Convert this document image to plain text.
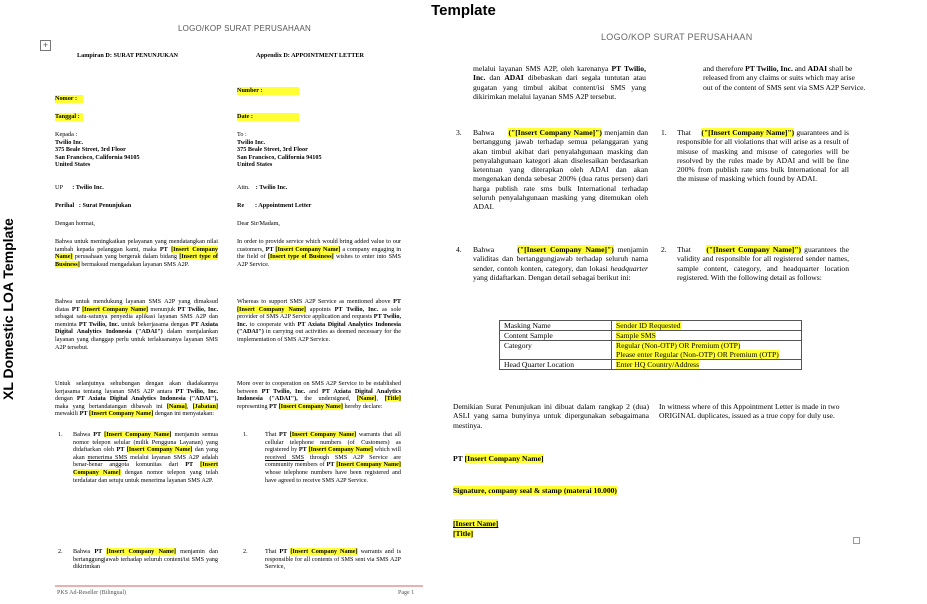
Template
XL Domestic LOA Template
+
LOGO/KOP SURAT PERUSAHAAN
Lampiran D: SURAT PENUNJUKAN	Appendix D: APPOINTMENT LETTER
Number :
Nomor :
Tanggal :	Date :
Kepada :
Twilio Inc.
375 Beale Street, 3rd Floor
San Francisco, California 94105
United States
To :
Twilio Inc.
375 Beale Street, 3rd Floor
San Francisco, California 94105
United States
UP : Twilio Inc.	Attn. : Twilio Inc.
Perihal : Surat Penunjukan	Re : Appointment Letter
Dengan hormat,	Dear Sir/Madam,
Bahwa untuk meningkatkan pelayanan yang mendatangkan nilai tambah kepada pelanggan kami, maka PT [Insert Company Name] perusahaan yang bergerak dalam bidang [Insert type of Business] bermaksud mengadakan layanan SMS A2P.
In order to provide service which would bring added value to our customers, PT [Insert Company Name] a company engaging in the field of [Insert type of Business] wishes to enter into SMS A2P Service.
Bahwa untuk mendukung layanan SMS A2P yang dimaksud diatas PT [Insert Company Name] menunjuk PT Twilio, Inc. sebagai satu-satunya penyedia aplikasi layanan SMS A2P dan meminta PT Twilio, Inc. untuk bekerjasama dengan PT Axiata Digital Analytics Indonesia ("ADAI") dalam menjalankan layanan yang dianggap perlu untuk terlaksananya layanan SMS A2P tersebut.
Whereas to support SMS A2P Service as mentioned above PT [Insert Company Name] appoints PT Twilio, Inc. as sole provider of SMS A2P Service application and requests PT Twilio, Inc. to cooperate with PT Axiata Digital Analytics Indonesia ("ADAI") in carrying out activities as deemed necessary for the implementation of SMS A2P Service.
Untuk selanjutnya sehubungan dengan akan diadakannya kerjasama tentang layanan SMS A2P antara PT Twilio, Inc. dengan PT Axiata Digital Analytics Indonesia ("ADAI"), maka yang bertandatangan dibawah ini [Nama], [Jabatan] mewakili PT [Insert Company Name] dengan ini menyatakan:
More over to cooperation on SMS A2P Service to be established between PT Twilio, Inc. and PT Axiata Digital Analytics Indonesia ("ADAI"), the undersigned, [Name], [Title] representing PT [Insert Company Name] hereby declare:
1. Bahwa PT [Insert Company Name] menjamin semua nomor telepon selular (milik Pengguna Layanan) yang didaftarkan oleh PT [Insert Company Name] dan yang akan menerima SMS melalui layanan SMS A2P adalah benar-benar anggota komunitas dari PT [Insert Company Name] dengan nomor telepon yang telah terdafatar dan setuju untuk menerima layanan SMS A2P.
1.	That PT [Insert Company Name] warrants that all cellular telephone numbers (of Customers) as registered by PT [Insert Company Name] which will received SMS through SMS A2P Service are community members of PT [Insert Company Name] whose telephone numbers have been registered and have agreed to receive SMS A2P Service.
2. Bahwa PT [Insert Company Name] menjamin dan bertanggungjawab terhadap seluruh content/isi SMS yang dikirimkan
2.	That PT [Insert Company Name] warrants and is responsible for all contents of SMS sent via SMS A2P Service,
PKS Ad-Reseller (Bilingual)	Page 1
LOGO/KOP SURAT PERUSAHAAN
melalui layanan SMS A2P, oleh karenanya PT Twilio, Inc. dan ADAI dibebaskan dari segala tuntutan atau gugatan yang timbul akibat content/isi SMS yang dikirimkan melalui layanan SMS A2P tersebut.
and therefore PT Twilio, Inc. and ADAI shall be released from any claims or suits which may arise out of the content of SMS sent via SMS A2P Service.
3. Bahwa ("[Insert Company Name]") menjamin dan bertanggung jawab terhadap semua pelanggaran yang akan timbul akibat dari penyalahgunaan masking dan penyalahgunaan kategori akan diselesaikan berdasarkan ketentuan yang diterapkan oleh ADAI dan akan mengenakan denda sebesar 200% (dua ratus persen) dari harga publish rate sms bulk International terhadap seluruh penyalahgunaan masking yang ditemukan oleh ADAI.
1. That ("[Insert Company Name]") guarantees and is responsible for all violations that will arise as a result of misuse of masking and misuse of categories will be resolved by the rules made by ADAI and will be fine 200% from publish rate sms bulk International for all the misuse of masking which found by ADAI.
4. Bahwa	("[Insert Company Name]") menjamin validitas dan bertanggungjawab terhadap seluruh nama sender, contoh konten, category, dan lokasi headquarter yang didaftarkan. Dengan detail sebagai berikut ini:
2. That ("[Insert Company Name]") guarantees the validity and responsible for all registered sender names, sample content, category, and headquarter location registered. With the following detail as follows:
Masking Name	Sender ID Requested
Content Sample	Sample SMS
Category	Regular (Non-OTP) OR Premium (OTP)
Please enter Regular (Non-OTP) OR Premium (OTP)

Head Quarter Location	Enter HQ Country/Address
Demikian Surat Penunjukan ini dibuat dalam rangkap 2 (dua) ASLI yang sama bunyinya untuk dipergunakan sebagaimana mestinya.
In witness where of this Appointment Letter is made in two ORIGINAL duplicates, issued as a true copy for duly use.
PT [Insert Company Name]
Signature, company seal & stamp (materai 10.000)
[Insert Name]
[Title]
